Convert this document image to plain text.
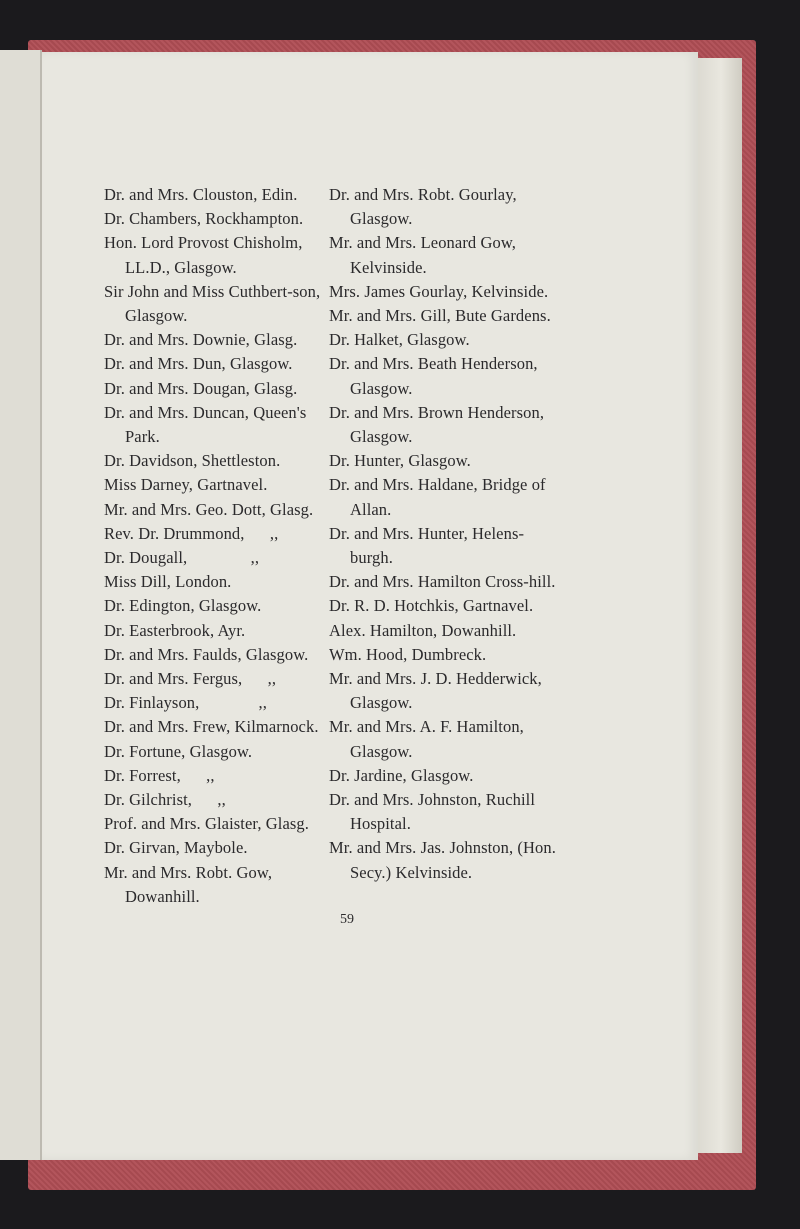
Dr. and Mrs. Clouston, Edin.

Dr. Chambers, Rockhampton.

Hon. Lord Provost Chisholm, LL.D., Glasgow.

Sir John and Miss Cuthbert-son, Glasgow.

Dr. and Mrs. Downie, Glasg.

Dr. and Mrs. Dun, Glasgow.

Dr. and Mrs. Dougan, Glasg.

Dr. and Mrs. Duncan, Queen's Park.

Dr. Davidson, Shettleston.

Miss Darney, Gartnavel.

Mr. and Mrs. Geo. Dott, Glasg.

Rev. Dr. Drummond,      ,,

Dr. Dougall,               ,,

Miss Dill, London.

Dr. Edington, Glasgow.

Dr. Easterbrook, Ayr.

Dr. and Mrs. Faulds, Glasgow.

Dr. and Mrs. Fergus,      ,,

Dr. Finlayson,              ,,

Dr. and Mrs. Frew, Kilmarnock.

Dr. Fortune, Glasgow.

Dr. Forrest,      ,,

Dr. Gilchrist,      ,,

Prof. and Mrs. Glaister, Glasg.

Dr. Girvan, Maybole.

Mr. and Mrs. Robt. Gow, Dowanhill.

Dr. and Mrs. Robt. Gourlay, Glasgow.

Mr. and Mrs. Leonard Gow, Kelvinside.

Mrs. James Gourlay, Kelvinside.

Mr. and Mrs. Gill, Bute Gardens.

Dr. Halket, Glasgow.

Dr. and Mrs. Beath Henderson, Glasgow.

Dr. and Mrs. Brown Henderson, Glasgow.

Dr. Hunter, Glasgow.

Dr. and Mrs. Haldane, Bridge of Allan.

Dr. and Mrs. Hunter, Helens-burgh.

Dr. and Mrs. Hamilton Cross-hill.

Dr. R. D. Hotchkis, Gartnavel.

Alex. Hamilton, Dowanhill.

Wm. Hood, Dumbreck.

Mr. and Mrs. J. D. Hedderwick, Glasgow.

Mr. and Mrs. A. F. Hamilton, Glasgow.

Dr. Jardine, Glasgow.

Dr. and Mrs. Johnston, Ruchill Hospital.

Mr. and Mrs. Jas. Johnston, (Hon. Secy.) Kelvinside.

59
